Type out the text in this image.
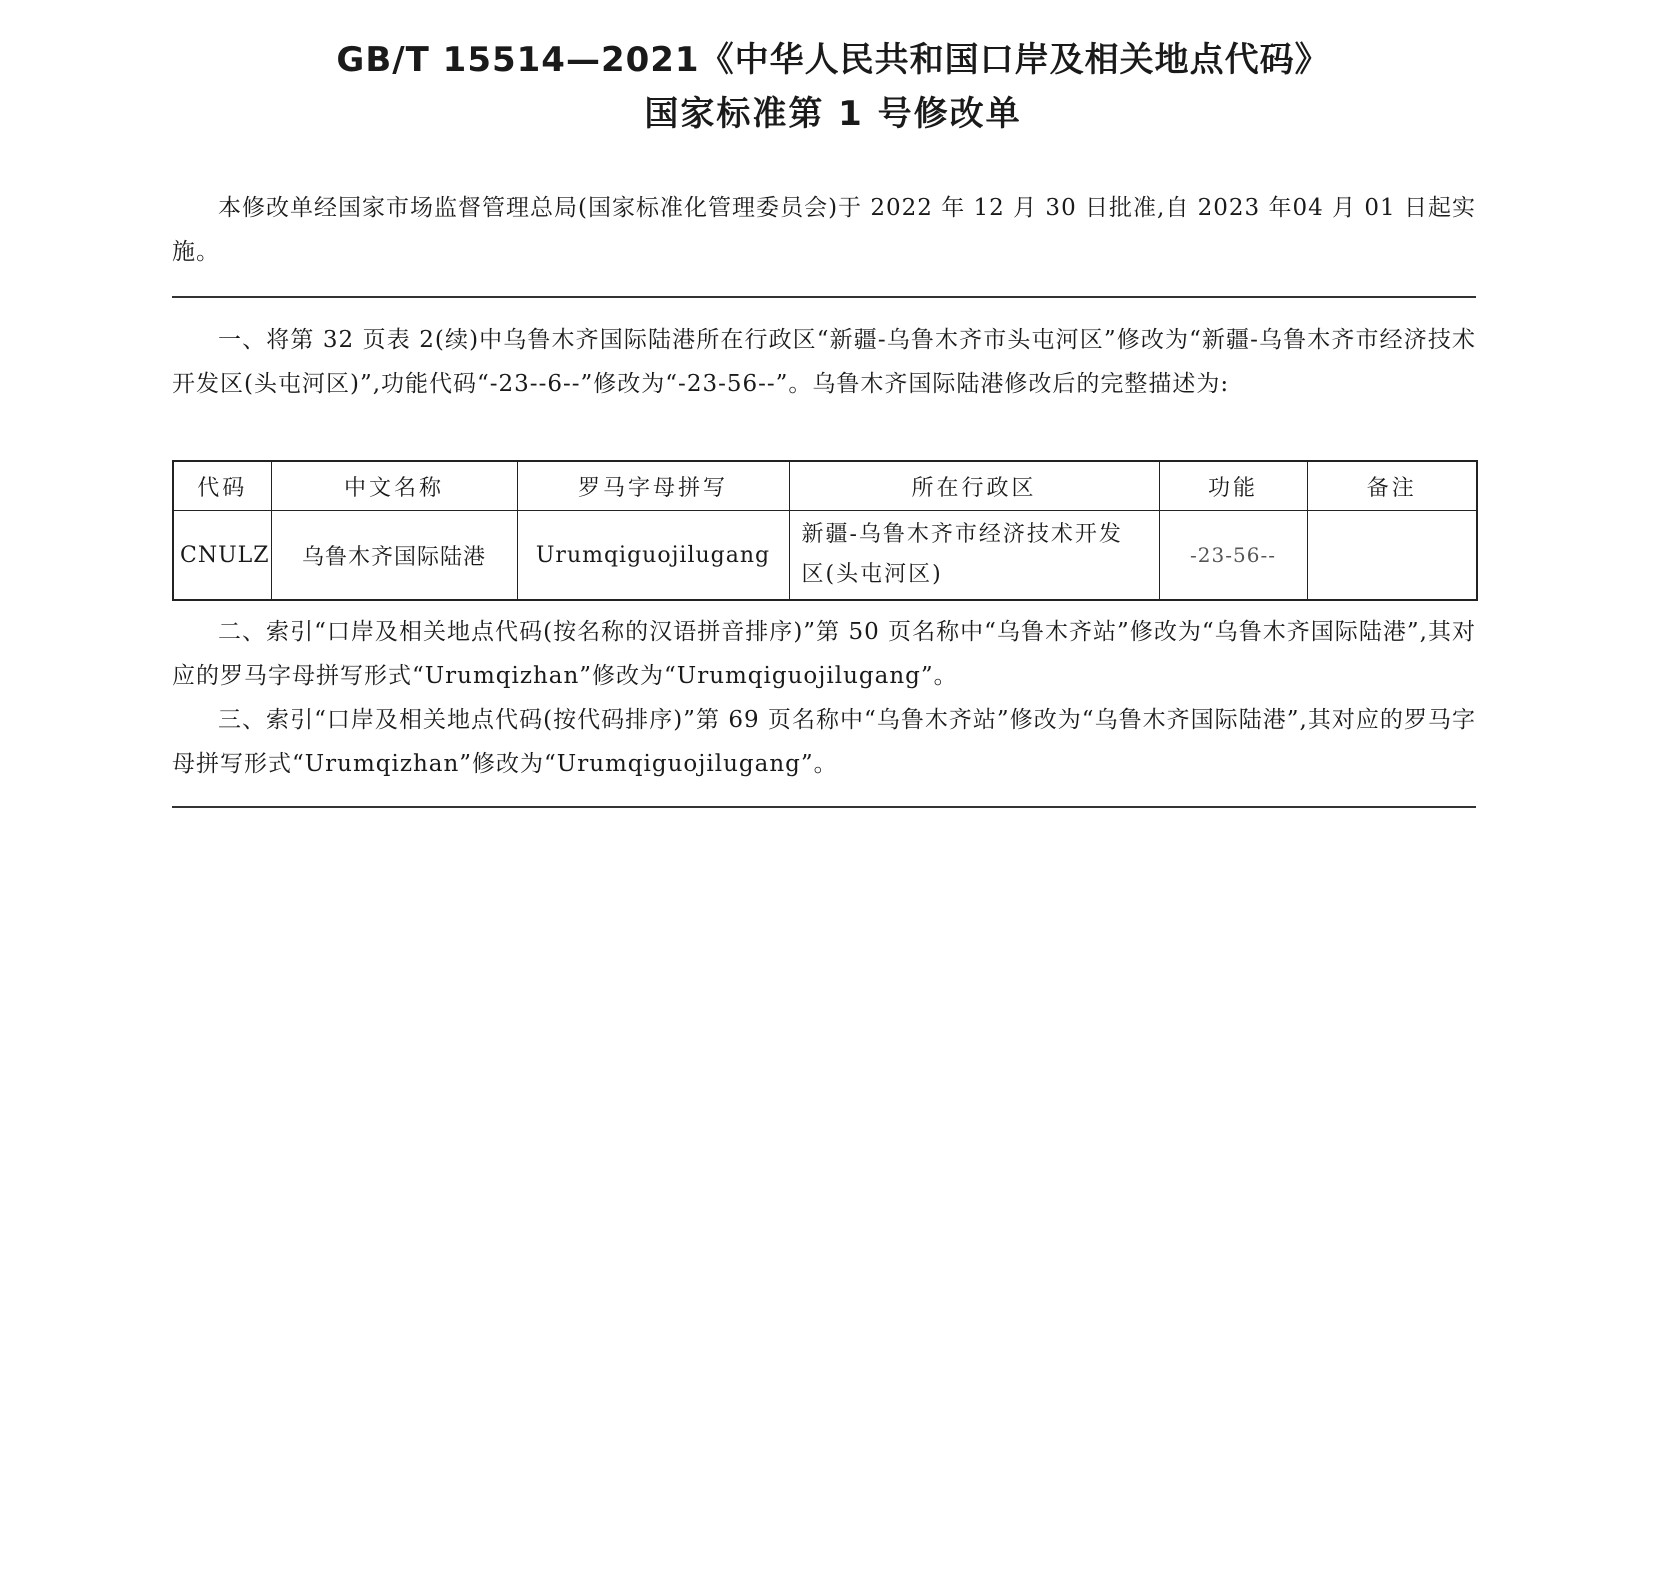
GB/T 15514—2021《中华人民共和国口岸及相关地点代码》
国家标准第 1 号修改单

本修改单经国家市场监督管理总局(国家标准化管理委员会)于 2022 年 12 月 30 日批准,自 2023 年04 月 01 日起实施。

一、将第 32 页表 2(续)中乌鲁木齐国际陆港所在行政区“新疆-乌鲁木齐市头屯河区”修改为“新疆-乌鲁木齐市经济技术开发区(头屯河区)”,功能代码“-23--6--”修改为“-23-56--”。乌鲁木齐国际陆港修改后的完整描述为:

代码	中文名称	罗马字母拼写	所在行政区	功能	备注
CNULZ	乌鲁木齐国际陆港	Urumqiguojilugang	新疆-乌鲁木齐市经济技术开发区(头屯河区)	-23-56--	

二、索引“口岸及相关地点代码(按名称的汉语拼音排序)”第 50 页名称中“乌鲁木齐站”修改为“乌鲁木齐国际陆港”,其对应的罗马字母拼写形式“Urumqizhan”修改为“Urumqiguojilugang”。

三、索引“口岸及相关地点代码(按代码排序)”第 69 页名称中“乌鲁木齐站”修改为“乌鲁木齐国际陆港”,其对应的罗马字母拼写形式“Urumqizhan”修改为“Urumqiguojilugang”。
